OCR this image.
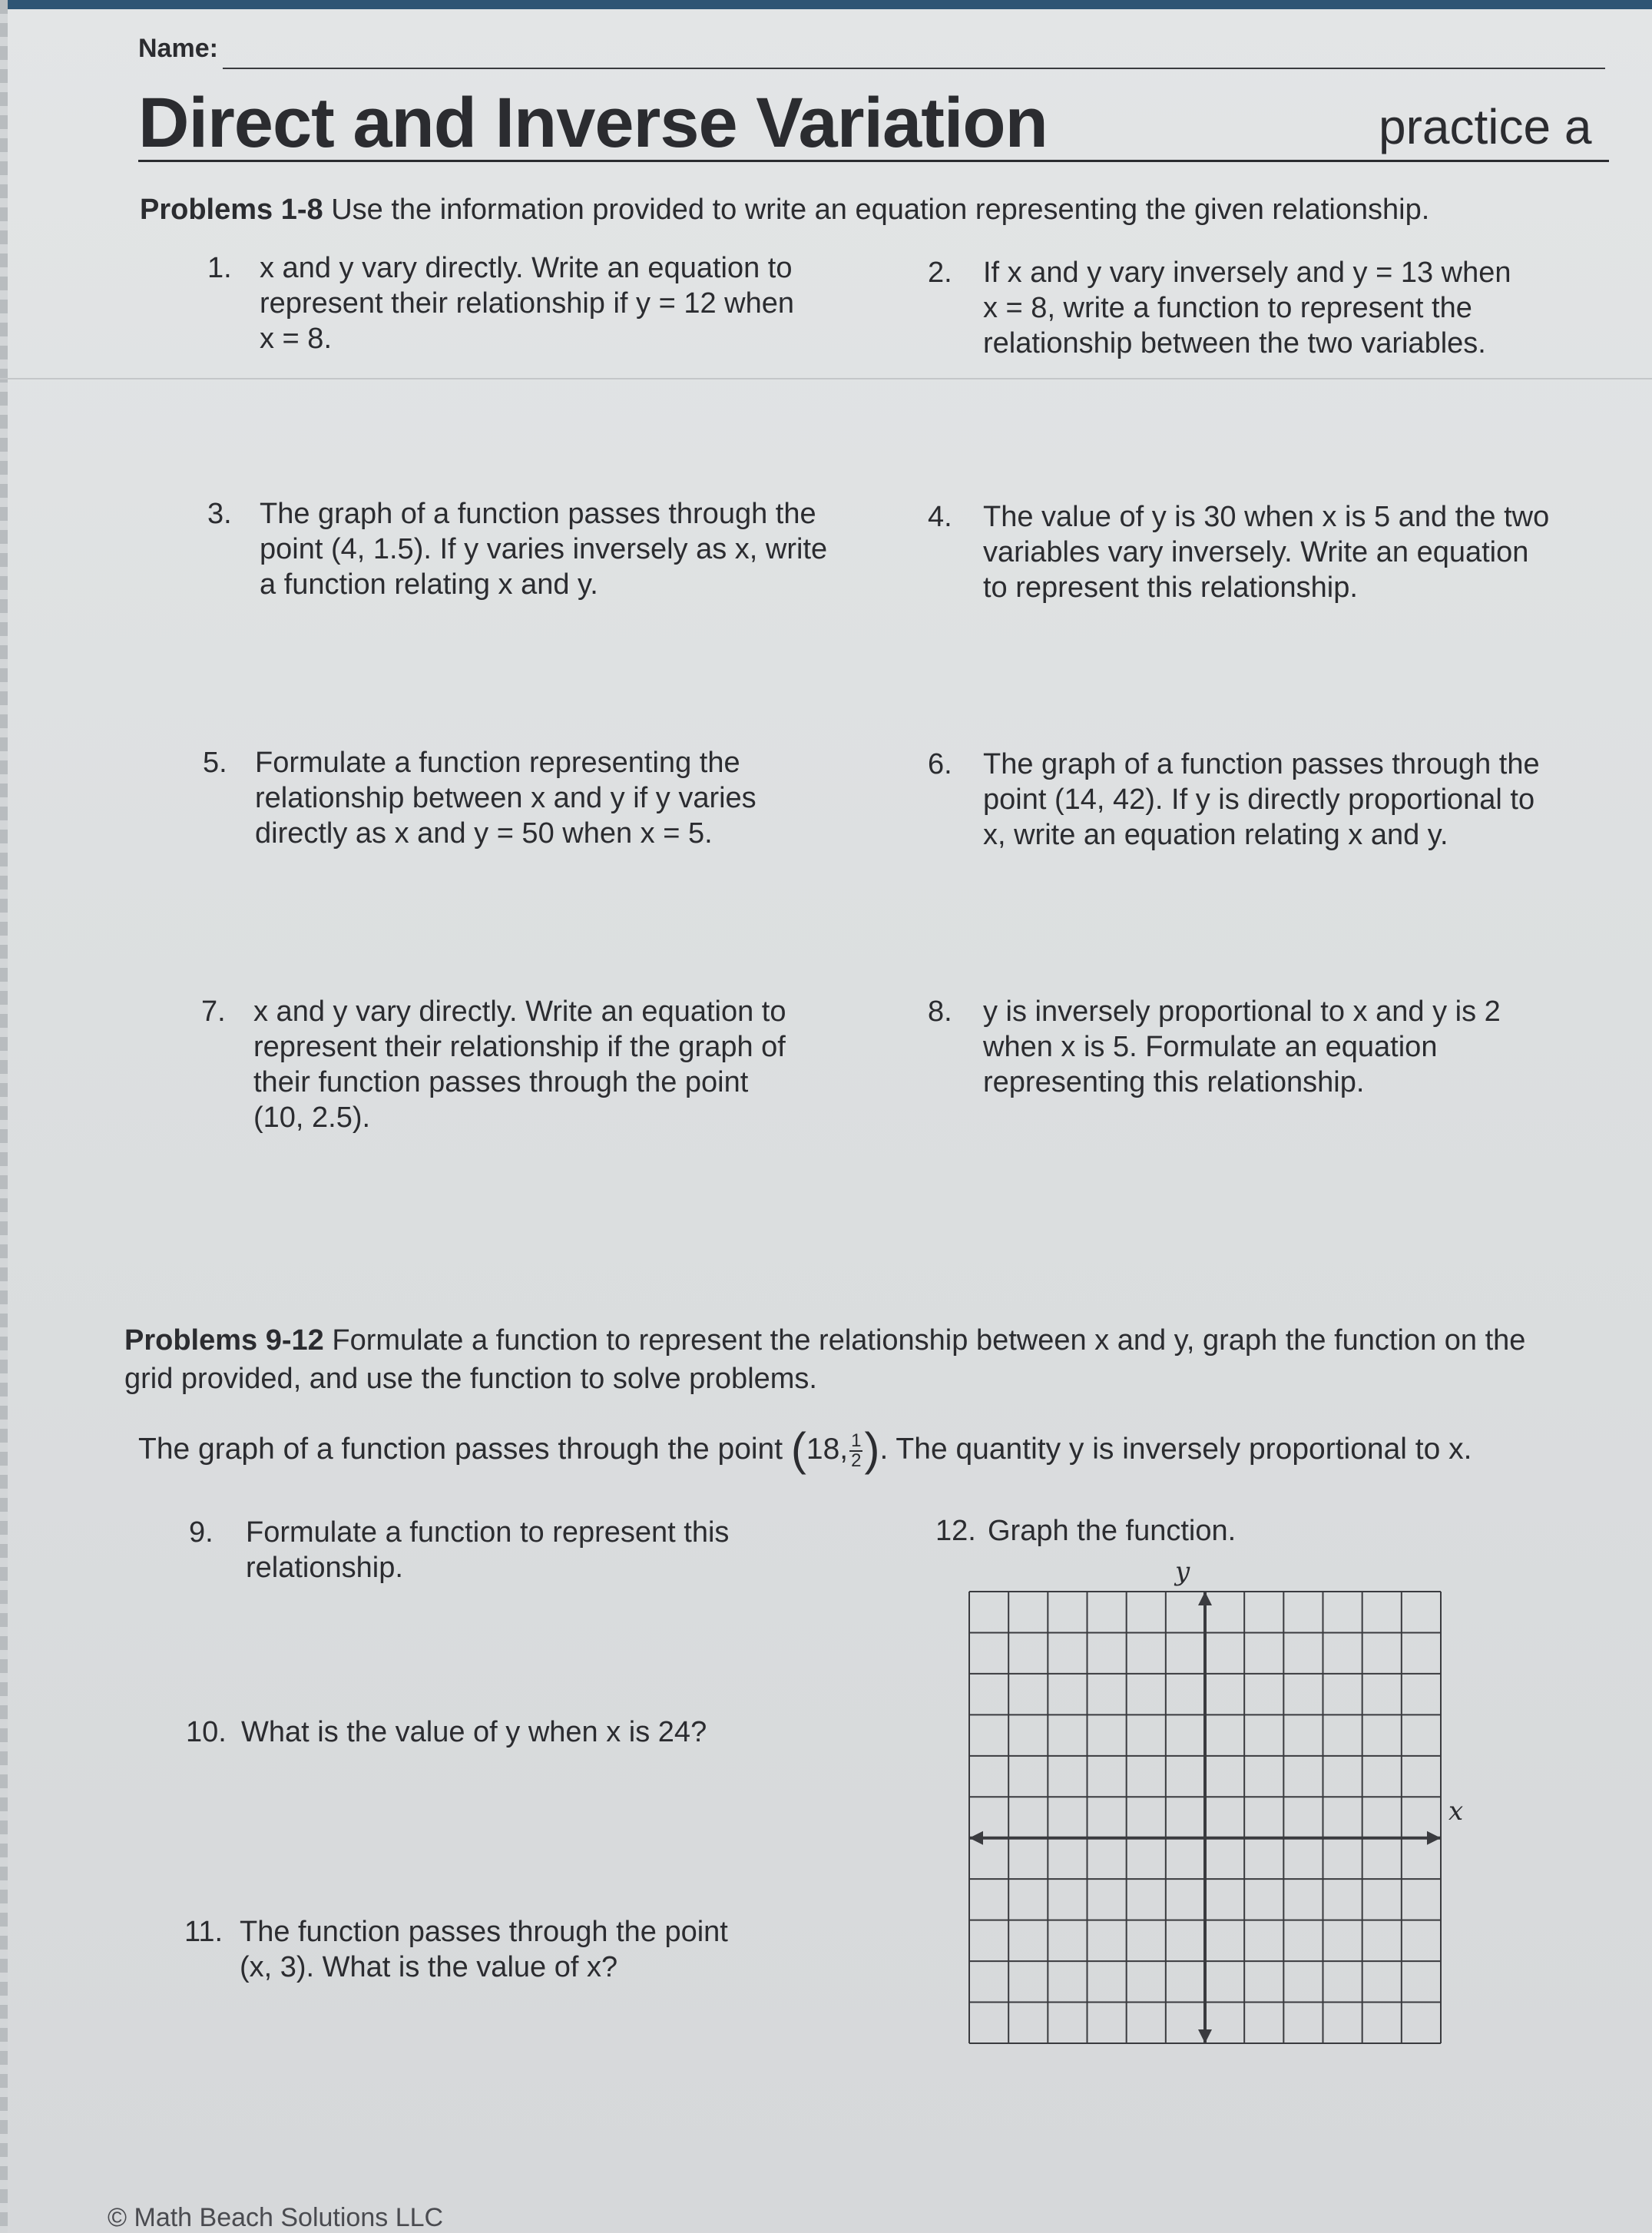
Name:
Direct and Inverse Variation	practice a
Problems 1-8 Use the information provided to write an equation representing the given relationship.
1. x and y vary directly. Write an equation to
represent their relationship if y = 12 when
x = 8.
2. If x and y vary inversely and y = 13 when
x = 8, write a function to represent the
relationship between the two variables.
3. The graph of a function passes through the
point (4, 1.5). If y varies inversely as x, write
a function relating x and y.
4. The value of y is 30 when x is 5 and the two
variables vary inversely. Write an equation
to represent this relationship.
5. Formulate a function representing the
relationship between x and y if y varies
directly as x and y = 50 when x = 5.
6. The graph of a function passes through the
point (14, 42). If y is directly proportional to
x, write an equation relating x and y.
7. x and y vary directly. Write an equation to
represent their relationship if the graph of
their function passes through the point
(10, 2.5).
8. y is inversely proportional to x and y is 2
when x is 5. Formulate an equation
representing this relationship.
Problems 9-12 Formulate a function to represent the relationship between x and y, graph the function on the
grid provided, and use the function to solve problems.
The graph of a function passes through the point (18, $\frac{1}{2}$ ). The quantity y is inversely proportional to x.
9. Formulate a function to represent this
relationship.
10. What is the value of y when x is 24?
11. The function passes through the point
(x, 3). What is the value of x?
12. Graph the function.
y
x
© Math Beach Solutions LLC
